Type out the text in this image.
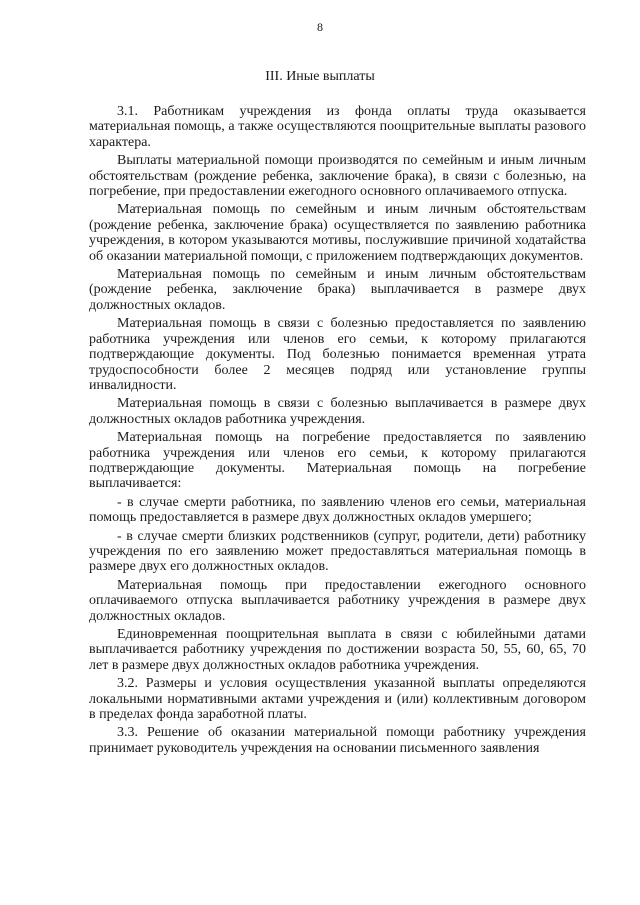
8
III. Иные выплаты

3.1. Работникам учреждения из фонда оплаты труда оказывается материальная помощь, а также осуществляются поощрительные выплаты разового характера.

Выплаты материальной помощи производятся по семейным и иным личным обстоятельствам (рождение ребенка, заключение брака), в связи с болезнью, на погребение, при предоставлении ежегодного основного оплачиваемого отпуска.

Материальная помощь по семейным и иным личным обстоятельствам (рождение ребенка, заключение брака) осуществляется по заявлению работника учреждения, в котором указываются мотивы, послужившие причиной ходатайства об оказании материальной помощи, с приложением подтверждающих документов.

Материальная помощь по семейным и иным личным обстоятельствам (рождение ребенка, заключение брака) выплачивается в размере двух должностных окладов.

Материальная помощь в связи с болезнью предоставляется по заявлению работника учреждения или членов его семьи, к которому прилагаются подтверждающие документы. Под болезнью понимается временная утрата трудоспособности более 2 месяцев подряд или установление группы инвалидности.

Материальная помощь в связи с болезнью выплачивается в размере двух должностных окладов работника учреждения.

Материальная помощь на погребение предоставляется по заявлению работника учреждения или членов его семьи, к которому прилагаются подтверждающие документы. Материальная помощь на погребение выплачивается:

- в случае смерти работника, по заявлению членов его семьи, материальная помощь предоставляется в размере двух должностных окладов умершего;

- в случае смерти близких родственников (супруг, родители, дети) работнику учреждения по его заявлению может предоставляться материальная помощь в размере двух его должностных окладов.

Материальная помощь при предоставлении ежегодного основного оплачиваемого отпуска выплачивается работнику учреждения в размере двух должностных окладов.

Единовременная поощрительная выплата в связи с юбилейными датами выплачивается работнику учреждения по достижении возраста 50, 55, 60, 65, 70 лет в размере двух должностных окладов работника учреждения.

3.2. Размеры и условия осуществления указанной выплаты определяются локальными нормативными актами учреждения и (или) коллективным договором в пределах фонда заработной платы.

3.3. Решение об оказании материальной помощи работнику учреждения принимает руководитель учреждения на основании письменного заявления
